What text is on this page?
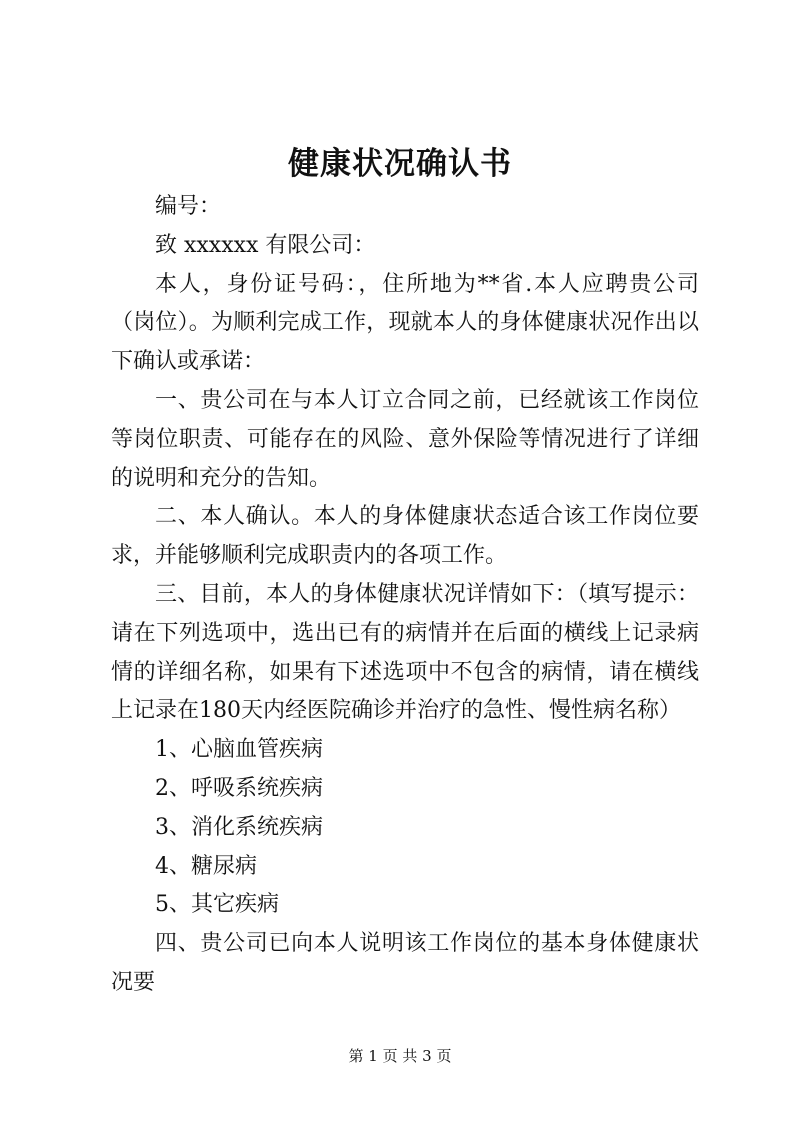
健康状况确认书

编号：

致 xxxxxx 有限公司：

本人，身份证号码：，住所地为**省.本人应聘贵公司（岗位）。为顺利完成工作，现就本人的身体健康状况作出以下确认或承诺：

一、贵公司在与本人订立合同之前，已经就该工作岗位等岗位职责、可能存在的风险、意外保险等情况进行了详细的说明和充分的告知。

二、本人确认。本人的身体健康状态适合该工作岗位要求，并能够顺利完成职责内的各项工作。

三、目前，本人的身体健康状况详情如下：（填写提示：请在下列选项中，选出已有的病情并在后面的横线上记录病情的详细名称，如果有下述选项中不包含的病情，请在横线上记录在180天内经医院确诊并治疗的急性、慢性病名称）

1、心脑血管疾病

2、呼吸系统疾病

3、消化系统疾病

4、糖尿病

5、其它疾病

四、贵公司已向本人说明该工作岗位的基本身体健康状况要

第 1 页 共 3 页
